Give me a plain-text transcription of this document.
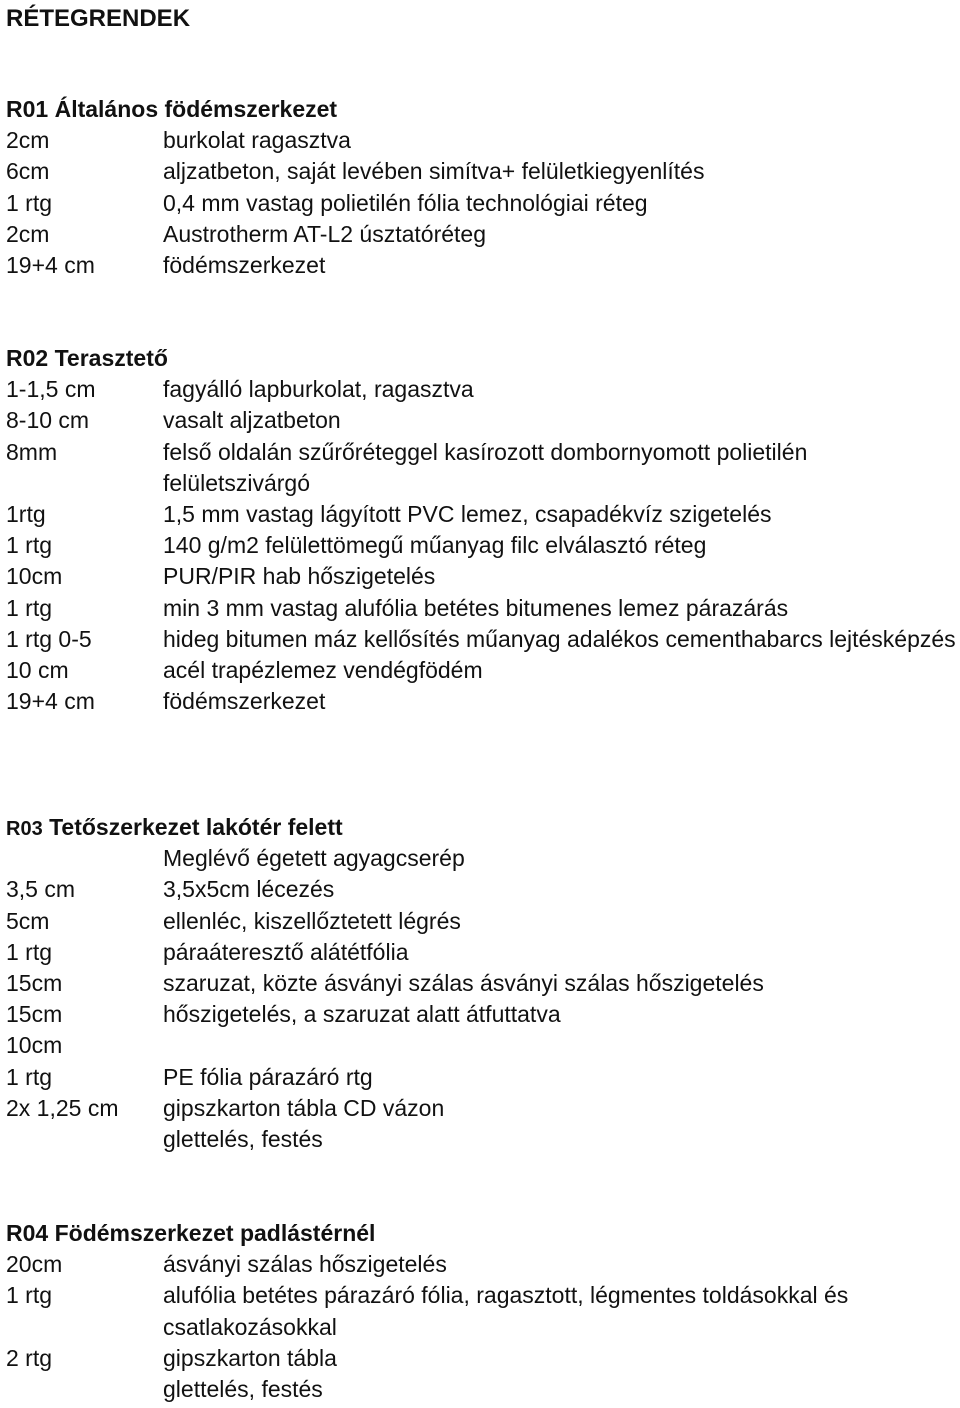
RÉTEGRENDEK
R01 Általános födémszerkezet
2cm	burkolat ragasztva
6cm	aljzatbeton, saját levében simítva+ felületkiegyenlítés
1 rtg	0,4 mm vastag polietilén fólia technológiai réteg
2cm	Austrotherm AT-L2 úsztatóréteg
19+4 cm	födémszerkezet
R02 Terasztető
1-1,5 cm	fagyálló lapburkolat, ragasztva
8-10 cm	vasalt aljzatbeton
8mm	felső oldalán szűrőréteggel kasírozott dombornyomott polietilén felületszivárgó
1rtg	1,5 mm vastag lágyított PVC lemez, csapadékvíz szigetelés
1 rtg	140 g/m2 felülettömegű műanyag filc elválasztó réteg
10cm	PUR/PIR hab hőszigetelés
1 rtg	min 3 mm vastag alufólia betétes bitumenes lemez párazárás
1 rtg 0-5	hideg bitumen máz kellősítés műanyag adalékos cementhabarcs lejtésképzés
10 cm	acél trapézlemez vendégfödém
19+4 cm	födémszerkezet
R03 Tetőszerkezet lakótér felett
Meglévő égetett agyagcserép
3,5 cm	3,5x5cm lécezés
5cm	ellenléc, kiszellőztetett légrés
1 rtg	páraáteresztő alátétfólia
15cm	szaruzat, közte ásványi szálas ásványi szálas hőszigetelés
15cm	hőszigetelés, a szaruzat alatt átfuttatva
10cm
1 rtg	PE fólia párazáró rtg
2x 1,25 cm	gipszkarton tábla CD vázon
glettelés, festés
R04 Födémszerkezet padlástérnél
20cm	ásványi szálas hőszigetelés
1 rtg	alufólia betétes párazáró fólia, ragasztott, légmentes toldásokkal és csatlakozásokkal
2 rtg	gipszkarton tábla
glettelés, festés
